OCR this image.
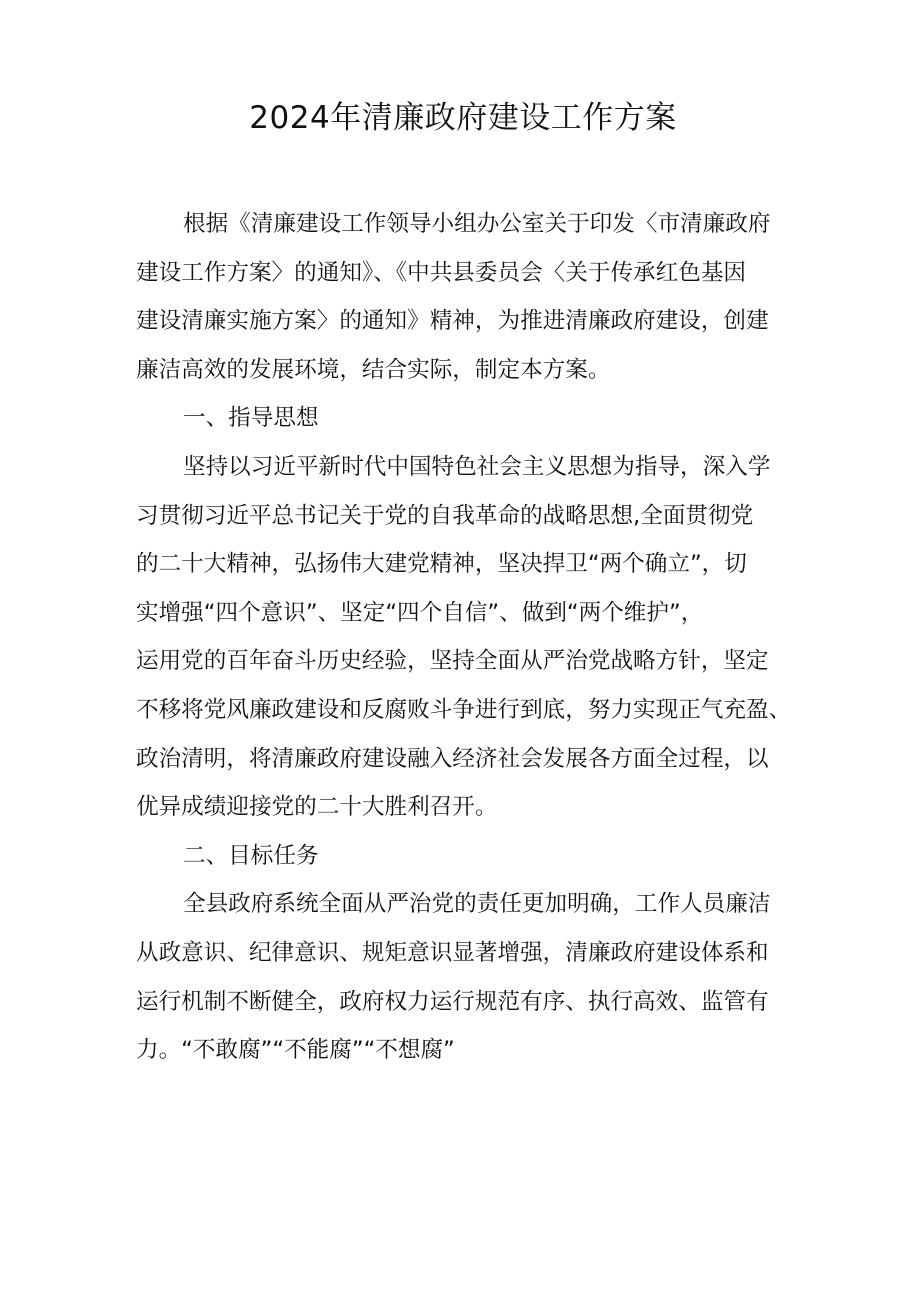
2024年清廉政府建设工作方案
根据《清廉建设工作领导小组办公室关于印发〈市清廉政府
建设工作方案〉的通知》、《中共县委员会〈关于传承红色基因
建设清廉实施方案〉的通知》精神，为推进清廉政府建设，创建
廉洁高效的发展环境，结合实际，制定本方案。
一、指导思想
坚持以习近平新时代中国特色社会主义思想为指导，深入学
习贯彻习近平总书记关于党的自我革命的战略思想,全面贯彻党
的二十大精神，弘扬伟大建党精神，坚决捍卫“两个确立”，切
实增强“四个意识”、坚定“四个自信”、做到“两个维护”，
运用党的百年奋斗历史经验，坚持全面从严治党战略方针，坚定
不移将党风廉政建设和反腐败斗争进行到底，努力实现正气充盈、
政治清明，将清廉政府建设融入经济社会发展各方面全过程，以
优异成绩迎接党的二十大胜利召开。
二、目标任务
全县政府系统全面从严治党的责任更加明确，工作人员廉洁
从政意识、纪律意识、规矩意识显著增强，清廉政府建设体系和
运行机制不断健全，政府权力运行规范有序、执行高效、监管有
力。“不敢腐”“不能腐”“不想腐”
